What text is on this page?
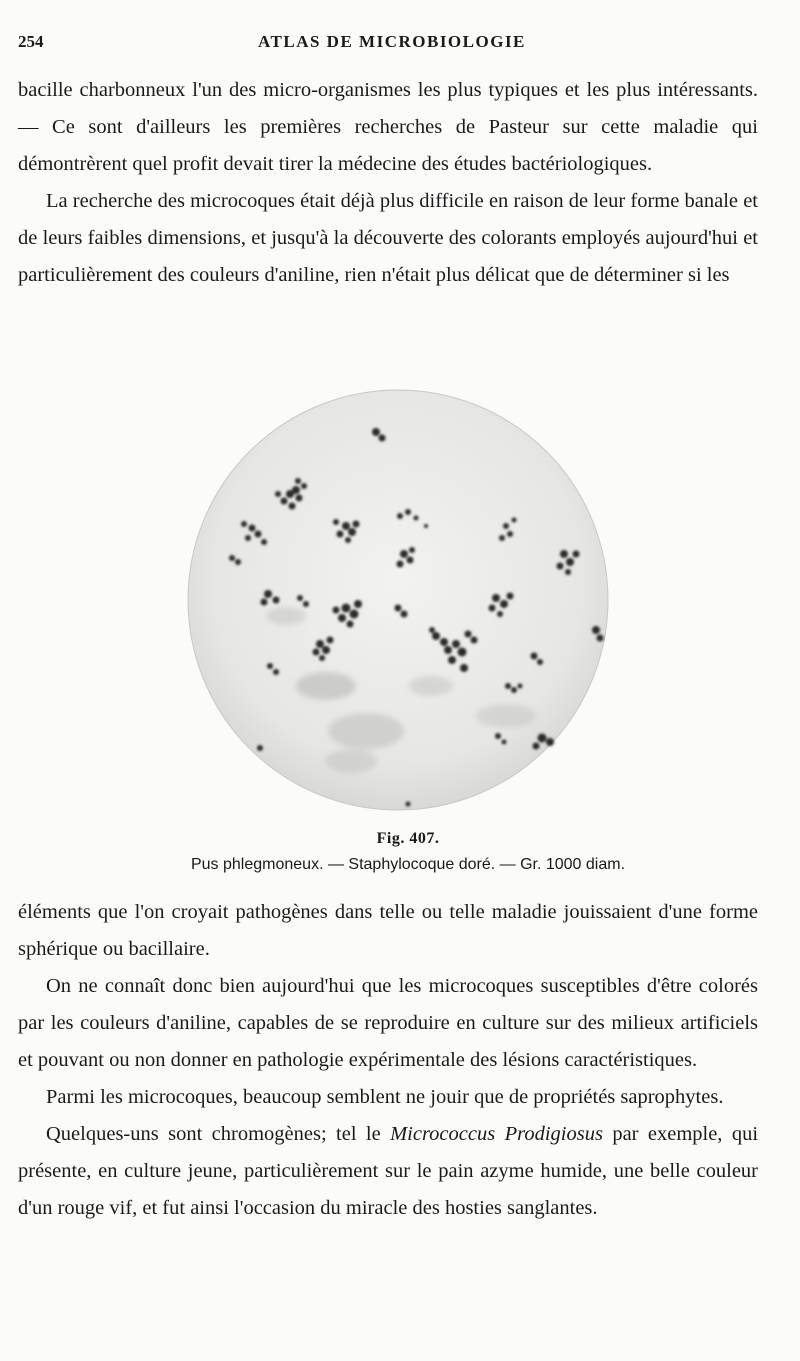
254	ATLAS DE MICROBIOLOGIE

bacille charbonneux l'un des micro-organismes les plus typiques et les plus intéressants. — Ce sont d'ailleurs les premières recherches de Pasteur sur cette maladie qui démontrèrent quel profit devait tirer la médecine des études bactériologiques.

La recherche des microcoques était déjà plus difficile en raison de leur forme banale et de leurs faibles dimensions, et jusqu'à la découverte des colorants employés aujourd'hui et particulièrement des couleurs d'aniline, rien n'était plus délicat que de déterminer si les

Fig. 407.
Pus phlegmoneux. — Staphylocoque doré. — Gr. 1000 diam.

éléments que l'on croyait pathogènes dans telle ou telle maladie jouissaient d'une forme sphérique ou bacillaire.

On ne connaît donc bien aujourd'hui que les microcoques susceptibles d'être colorés par les couleurs d'aniline, capables de se reproduire en culture sur des milieux artificiels et pouvant ou non donner en pathologie expérimentale des lésions caractéristiques.

Parmi les microcoques, beaucoup semblent ne jouir que de propriétés saprophytes.

Quelques-uns sont chromogènes; tel le Micrococcus Prodigiosus par exemple, qui présente, en culture jeune, particulièrement sur le pain azyme humide, une belle couleur d'un rouge vif, et fut ainsi l'occasion du miracle des hosties sanglantes.
